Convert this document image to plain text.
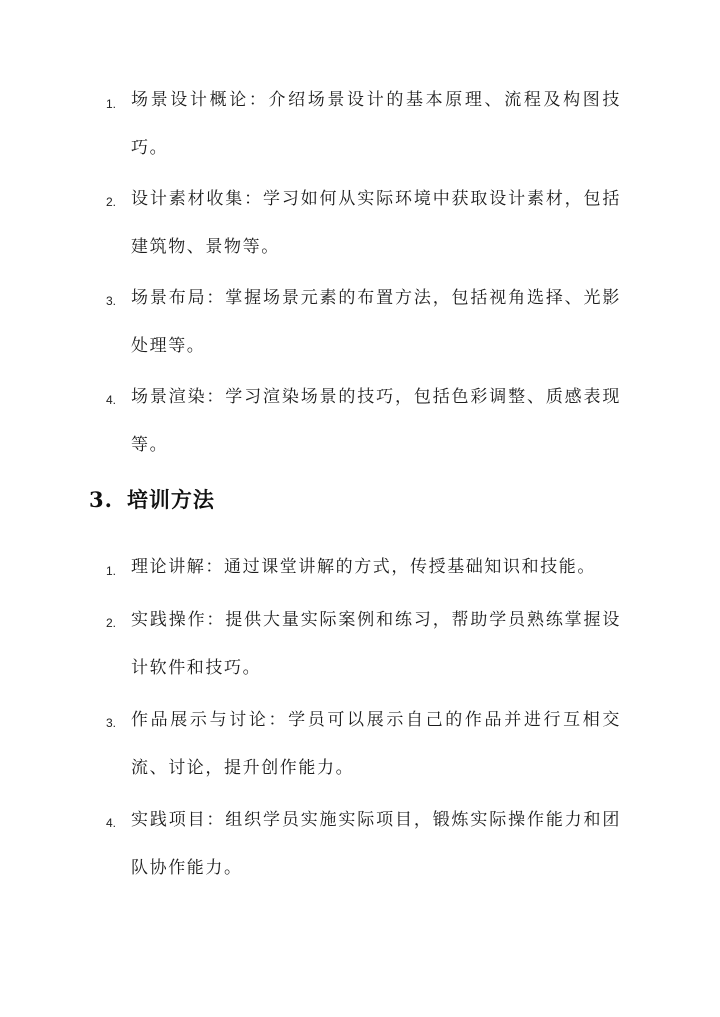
1. 场景设计概论：介绍场景设计的基本原理、流程及构图技巧。
2. 设计素材收集：学习如何从实际环境中获取设计素材，包括建筑物、景物等。
3. 场景布局：掌握场景元素的布置方法，包括视角选择、光影处理等。
4. 场景渲染：学习渲染场景的技巧，包括色彩调整、质感表现等。
3. 培训方法
1. 理论讲解：通过课堂讲解的方式，传授基础知识和技能。
2. 实践操作：提供大量实际案例和练习，帮助学员熟练掌握设计软件和技巧。
3. 作品展示与讨论：学员可以展示自己的作品并进行互相交流、讨论，提升创作能力。
4. 实践项目：组织学员实施实际项目，锻炼实际操作能力和团队协作能力。
